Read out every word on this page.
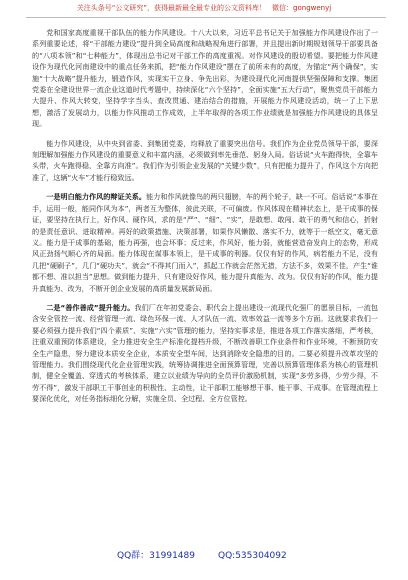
关注头条号“公文研究”，获得最新最全最专业的公文资料库！ 微信：gongwenyj

党和国家高度重视干部队伍的能力作风建设。十八大以来，习近平总书记关于加强能力作风建设作出了一系列重要论述，将“干部能力建设”提升到全局高度和战略视角进行部署，并且提出新时期规划领导干部要具备的“八项本领”和“七种能力”，体现出总书记对干部工作的高度重视。对作风建设的殷切希望。要把能力作风建设作为现代化河南建设中的重点任务来抓，把“能力作风建设”摆在了前所未有的高度，为锚定“两个确保”，实施“十大战略”提升能力，锻造作风，实现实干立身、争先出彩，为建设现代化河南提供坚强保障和支撑。集团党委在全建设世界一流企业这道时代考题中，持续深化“六个坚持”，全面实施“五大行动”，聚焦党员干部能力大提升、作风大转变，坚持学字当头、查改贯通、建治结合的措施，开展能力作风建设活动，统一了上下思想，激活了发展动力，以能力作风推动工作成效，上半年取得的各项工作业绩就是加强能力作风建设的具体呈现。

能力作风建设，从中央到省委、到集团党委，均释放了重要突出信号。我们作为企业党员领导干部，要深刻理解加强能力作风建设的重要意义和丰富内涵，必须做到率先垂范、躬身入局。俗话说“火车跑得快，全靠车头带，火车跑得稳，全靠方向准”。我们作为引领企业发展的“关键少数”，只有把能力提升了，作风这个方向把准了，这辆“火车”才能行稳致远。

一是明白能力作风的辩证关系。能力和作风就像鸟的两只翅膀，车的两个轮子，缺一不可。俗话说“本事在手，运用一般，能同作风为本”，两者互为整体，彼此关联，不可偏废。作风体现在精神状态上，是干成事的保证，要坚持在执行上，好作风、硬作风，求的是“严”、“细”、“实”，是敢想、敢闯、敢干的勇气和信心，折射的是责任意识、进取精神。再好的政策措施、决策部署，如果作风懒散、落实不力，就等于一纸空文，毫无意义。能力是干成事的基础，能力再强，也会坏事；反过来，作风好，能力弱，就能营造奋发向上的态势，形成风正劲扬气顺心齐的局面。能力体现在谋事本领上，是干成事的利器。仅仅有好的作风，病若能力不足，没有几把“硬刷子”，几门“硬功夫”，就会“不得其门而入”，抓起工作就会茫然无措，方法不多，效果不佳，产生“谁都不想、准以担当”思想。做到能力提升，只有建设好作风，能力提升真能为、改为。仅仅有好的作风，能力提升真能为、改为，不断开创企业发展的高质量发展新局面。

二是“善作善成”提升能力。我们厂在年初党委会、职代会上提出建设一流现代化强厂的愿景目标，一流包含安全管控一流、经营管理一流、绿色环保一流、人才队伍一流、效率效益一流等多个方面。这就要求我们一要必须强力提升我们“四个素质”、实施“六实”管理的能力，坚持实事求是，推进各项工作落实落细，严考核，注重双重预防体系建设，全力推进安全生产标准化提档升级，不断改善职工作业条件和作业环境，不断预防安全生产隐患，努力建设本质安全企业，本质安全型车间，达到消除安全隐患的目的。二要必须提升改革攻坚的管理能力。我们围绕现代化企业管理实践，统筹协调推进全面预算管理，完善以预算管理体系为核心的管理机制，健全全覆盖、穿透式的考核体系，建立以业绩为导向的全员评价激励机制，实现“多劳多得，少劳少得，不劳不得”，激发干部职工干事创业的积极性、主动性，让干部职工能够想干事、能干事、干成事。在管理流程上要深化优化，对任务指标细化分解，实施全员、全过程、全方位管控。

QQ群：31991489	QQ:535304092
